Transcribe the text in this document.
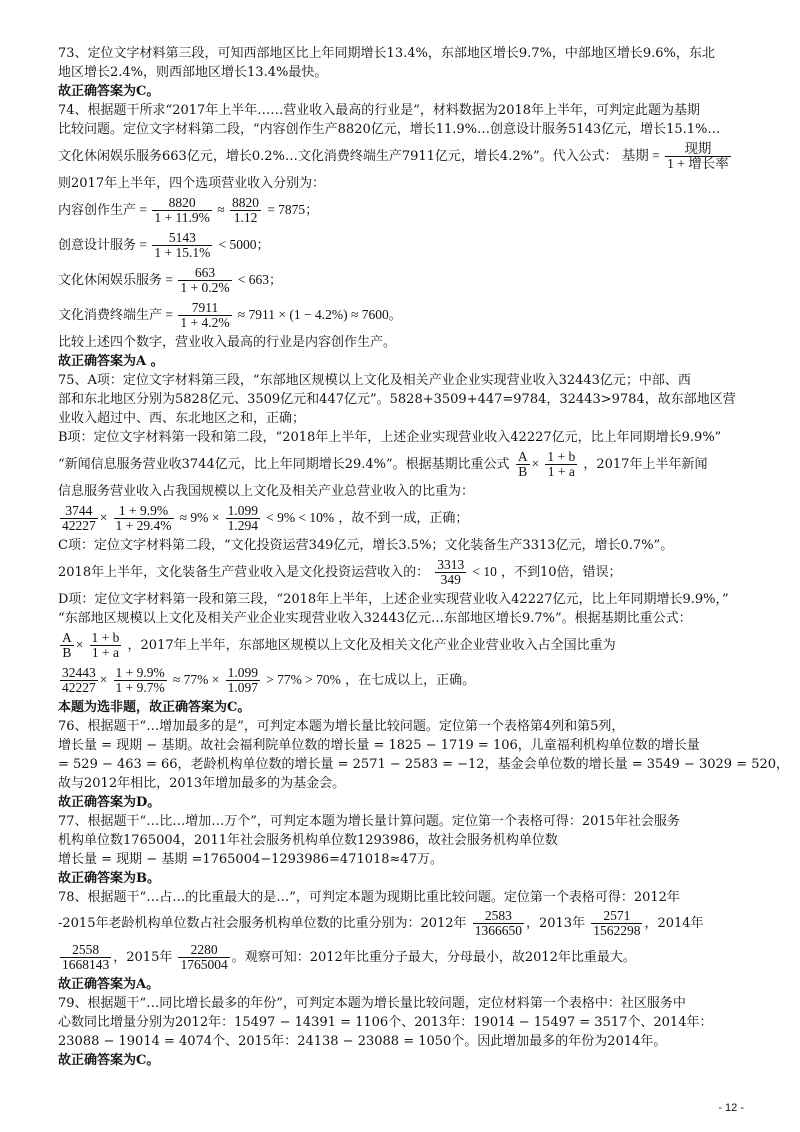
73、定位文字材料第三段，可知西部地区比上年同期增长13.4%，东部地区增长9.7%，中部地区增长9.6%，东北

地区增长2.4%，则西部地区增长13.4%最快。

故正确答案为C。

74、根据题干所求“2017年上半年……营业收入最高的行业是”，材料数据为2018年上半年，可判定此题为基期

比较问题。定位文字材料第二段，“内容创作生产8820亿元，增长11.9%…创意设计服务5143亿元，增长15.1%…

文化休闲娱乐服务663亿元，增长0.2%…文化消费终端生产7911亿元，增长4.2%”。代入公式： 基期 = $\frac{\text{现期}}{\text{1 + 增长率}}$

则2017年上半年，四个选项营业收入分别为：

内容创作生产 = $\frac{8820}{1 + 11.9\%} \approx \frac{8820}{1.12} = 7875$；

创意设计服务 = $\frac{5143}{1 + 15.1\%} < 5000$；

文化休闲娱乐服务 = $\frac{663}{1 + 0.2\%} < 663$；

文化消费终端生产 = $\frac{7911}{1 + 4.2\%} \approx 7911 \times (1 - 4.2\%) \approx 7600$。

比较上述四个数字，营业收入最高的行业是内容创作生产。

故正确答案为A 。

75、A项：定位文字材料第三段，“东部地区规模以上文化及相关产业企业实现营业收入32443亿元；中部、西

部和东北地区分别为5828亿元、3509亿元和447亿元”。5828+3509+447=9784，32443>9784，故东部地区营

业收入超过中、西、东北地区之和，正确；

B项：定位文字材料第一段和第二段，“2018年上半年，上述企业实现营业收入42227亿元，比上年同期增长9.9%”

“新闻信息服务营业收3744亿元，比上年同期增长29.4%”。根据基期比重公式 $\frac{A}{B} \times \frac{1 + b}{1 + a}$ ，2017年上半年新闻

信息服务营业收入占我国规模以上文化及相关产业总营业收入的比重为：

$\frac{3744}{42227} \times \frac{1 + 9.9\%}{1 + 29.4\%} \approx 9\% \times \frac{1.099}{1.294} < 9\% < 10\%$ ，故不到一成，正确；

C项：定位文字材料第二段，“文化投资运营349亿元，增长3.5%；文化装备生产3313亿元，增长0.7%”。

2018年上半年，文化装备生产营业收入是文化投资运营收入的： $\frac{3313}{349} < 10$ ，不到10倍，错误；

D项：定位文字材料第一段和第三段，“2018年上半年，上述企业实现营业收入42227亿元，比上年同期增长9.9%，”

“东部地区规模以上文化及相关产业企业实现营业收入32443亿元…东部地区增长9.7%”。根据基期比重公式：

$\frac{A}{B} \times \frac{1 + b}{1 + a}$ ，2017年上半年，东部地区规模以上文化及相关文化产业企业营业收入占全国比重为

$\frac{32443}{42227} \times \frac{1 + 9.9\%}{1 + 9.7\%} \approx 77\% \times \frac{1.099}{1.097} > 77\% > 70\%$ ，在七成以上，正确。

本题为选非题，故正确答案为C。

76、根据题干“…增加最多的是”，可判定本题为增长量比较问题。定位第一个表格第4列和第5列，

增长量 = 现期 − 基期。故社会福利院单位数的增长量 = 1825 − 1719 = 106，儿童福利机构单位数的增长量

= 529 − 463 = 66，老龄机构单位数的增长量 = 2571 − 2583 = −12，基金会单位数的增长量 = 3549 − 3029 = 520，

故与2012年相比，2013年增加最多的为基金会。

故正确答案为D。

77、根据题干“…比…增加…万个”，可判定本题为增长量计算问题。定位第一个表格可得：2015年社会服务

机构单位数1765004，2011年社会服务机构单位数1293986，故社会服务机构单位数

增长量 = 现期 − 基期 =1765004−1293986=471018≈47万。

故正确答案为B。

78、根据题干“…占…的比重最大的是…”，可判定本题为现期比重比较问题。定位第一个表格可得：2012年

-2015年老龄机构单位数占社会服务机构单位数的比重分别为：2012年 $\frac{2583}{1366650}$ ，2013年 $\frac{2571}{1562298}$ ，2014年

$\frac{2558}{1668143}$ ，2015年 $\frac{2280}{1765004}$ 。观察可知：2012年比重分子最大，分母最小，故2012年比重最大。

故正确答案为A。

79、根据题干“…同比增长最多的年份”，可判定本题为增长量比较问题，定位材料第一个表格中：社区服务中

心数同比增量分别为2012年：15497 − 14391 = 1106个、2013年：19014 − 15497 = 3517个、2014年：

23088 − 19014 = 4074个、2015年：24138 − 23088 = 1050个。因此增加最多的年份为2014年。

故正确答案为C。

- 12 -
